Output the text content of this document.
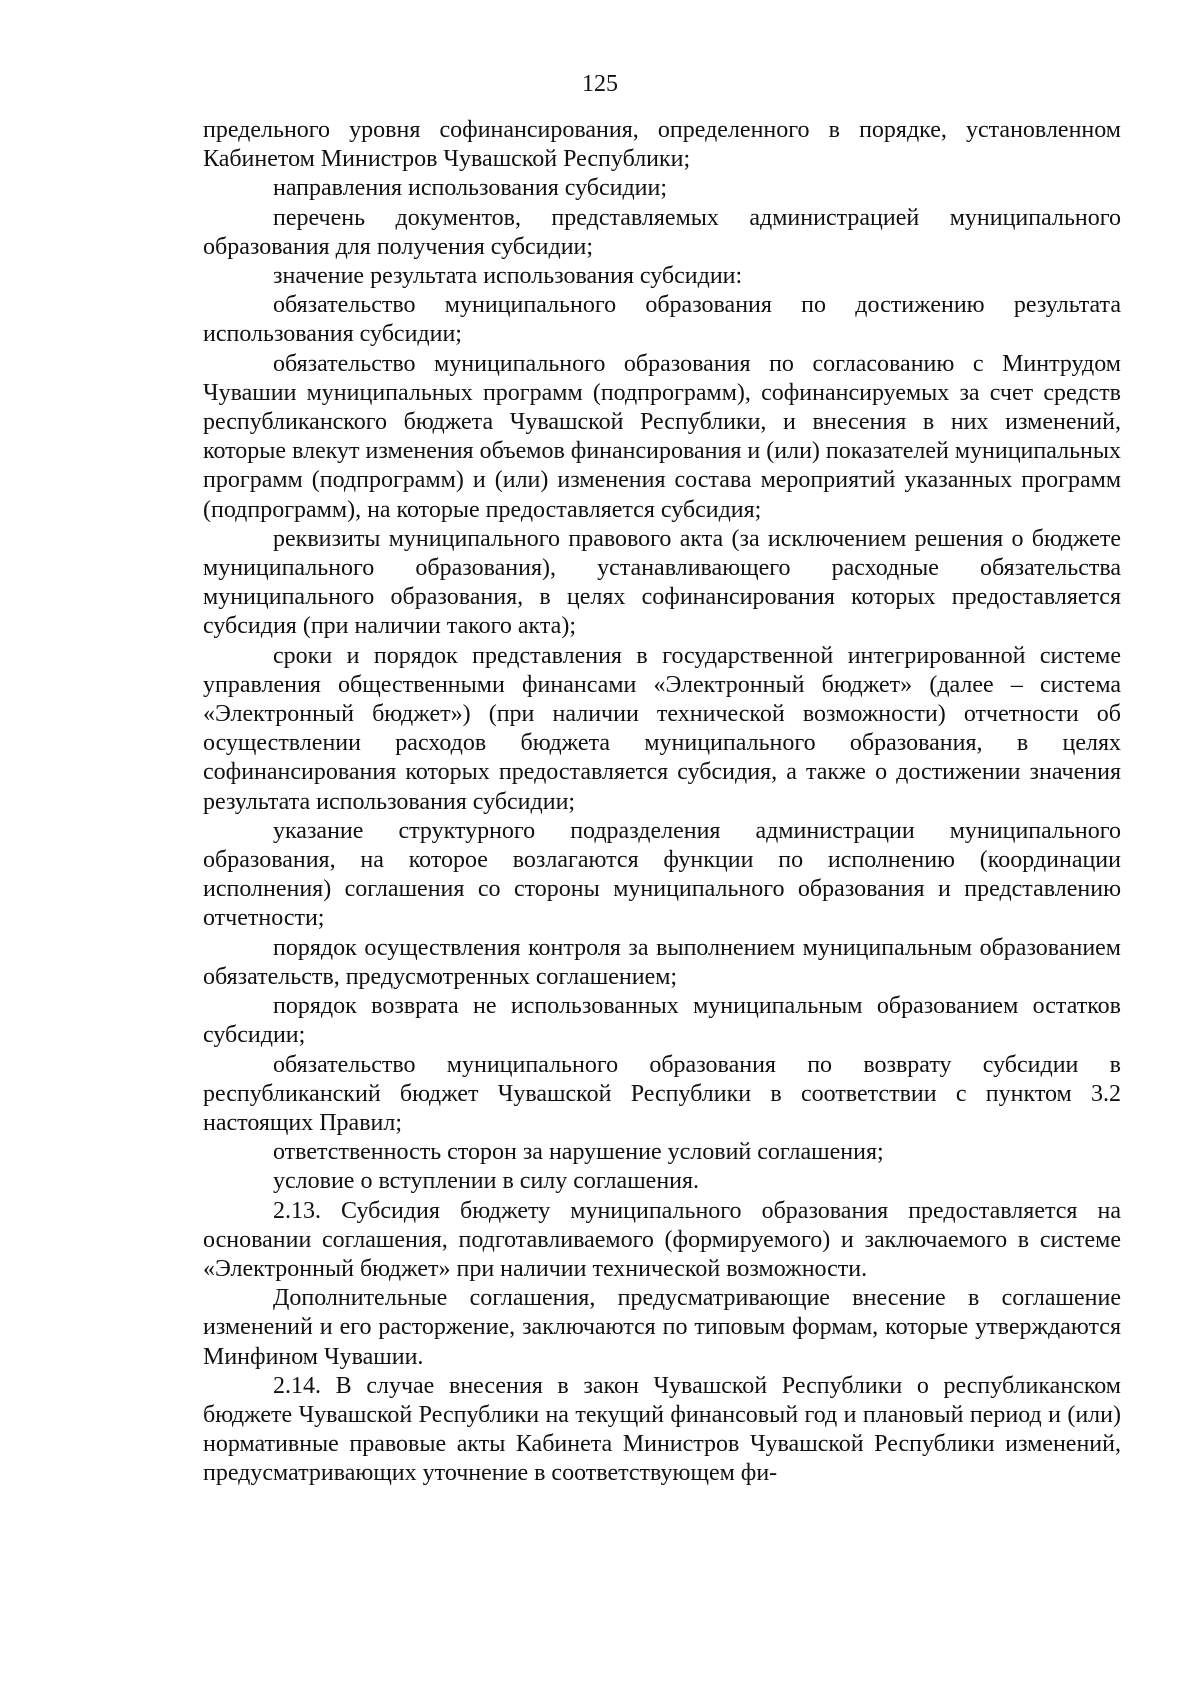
125

предельного уровня софинансирования, определенного в порядке, установленном Кабинетом Министров Чувашской Республики;

направления использования субсидии;

перечень документов, представляемых администрацией муниципального образования для получения субсидии;

значение результата использования субсидии:

обязательство муниципального образования по достижению результата использования субсидии;

обязательство муниципального образования по согласованию с Минтрудом Чувашии муниципальных программ (подпрограмм), софинансируемых за счет средств республиканского бюджета Чувашской Республики, и внесения в них изменений, которые влекут изменения объемов финансирования и (или) показателей муниципальных программ (подпрограмм) и (или) изменения состава мероприятий указанных программ (подпрограмм), на которые предоставляется субсидия;

реквизиты муниципального правового акта (за исключением решения о бюджете муниципального образования), устанавливающего расходные обязательства муниципального образования, в целях софинансирования которых предоставляется субсидия (при наличии такого акта);

сроки и порядок представления в государственной интегрированной системе управления общественными финансами «Электронный бюджет» (далее – система «Электронный бюджет») (при наличии технической возможности) отчетности об осуществлении расходов бюджета муниципального образования, в целях софинансирования которых предоставляется субсидия, а также о достижении значения результата использования субсидии;

указание структурного подразделения администрации муниципального образования, на которое возлагаются функции по исполнению (координации исполнения) соглашения со стороны муниципального образования и представлению отчетности;

порядок осуществления контроля за выполнением муниципальным образованием обязательств, предусмотренных соглашением;

порядок возврата не использованных муниципальным образованием остатков субсидии;

обязательство муниципального образования по возврату субсидии в республиканский бюджет Чувашской Республики в соответствии с пунктом 3.2 настоящих Правил;

ответственность сторон за нарушение условий соглашения;

условие о вступлении в силу соглашения.

2.13. Субсидия бюджету муниципального образования предоставляется на основании соглашения, подготавливаемого (формируемого) и заключаемого в системе «Электронный бюджет» при наличии технической возможности.

Дополнительные соглашения, предусматривающие внесение в соглашение изменений и его расторжение, заключаются по типовым формам, которые утверждаются Минфином Чувашии.

2.14. В случае внесения в закон Чувашской Республики о республиканском бюджете Чувашской Республики на текущий финансовый год и плановый период и (или) нормативные правовые акты Кабинета Министров Чувашской Республики изменений, предусматривающих уточнение в соответствующем фи-
